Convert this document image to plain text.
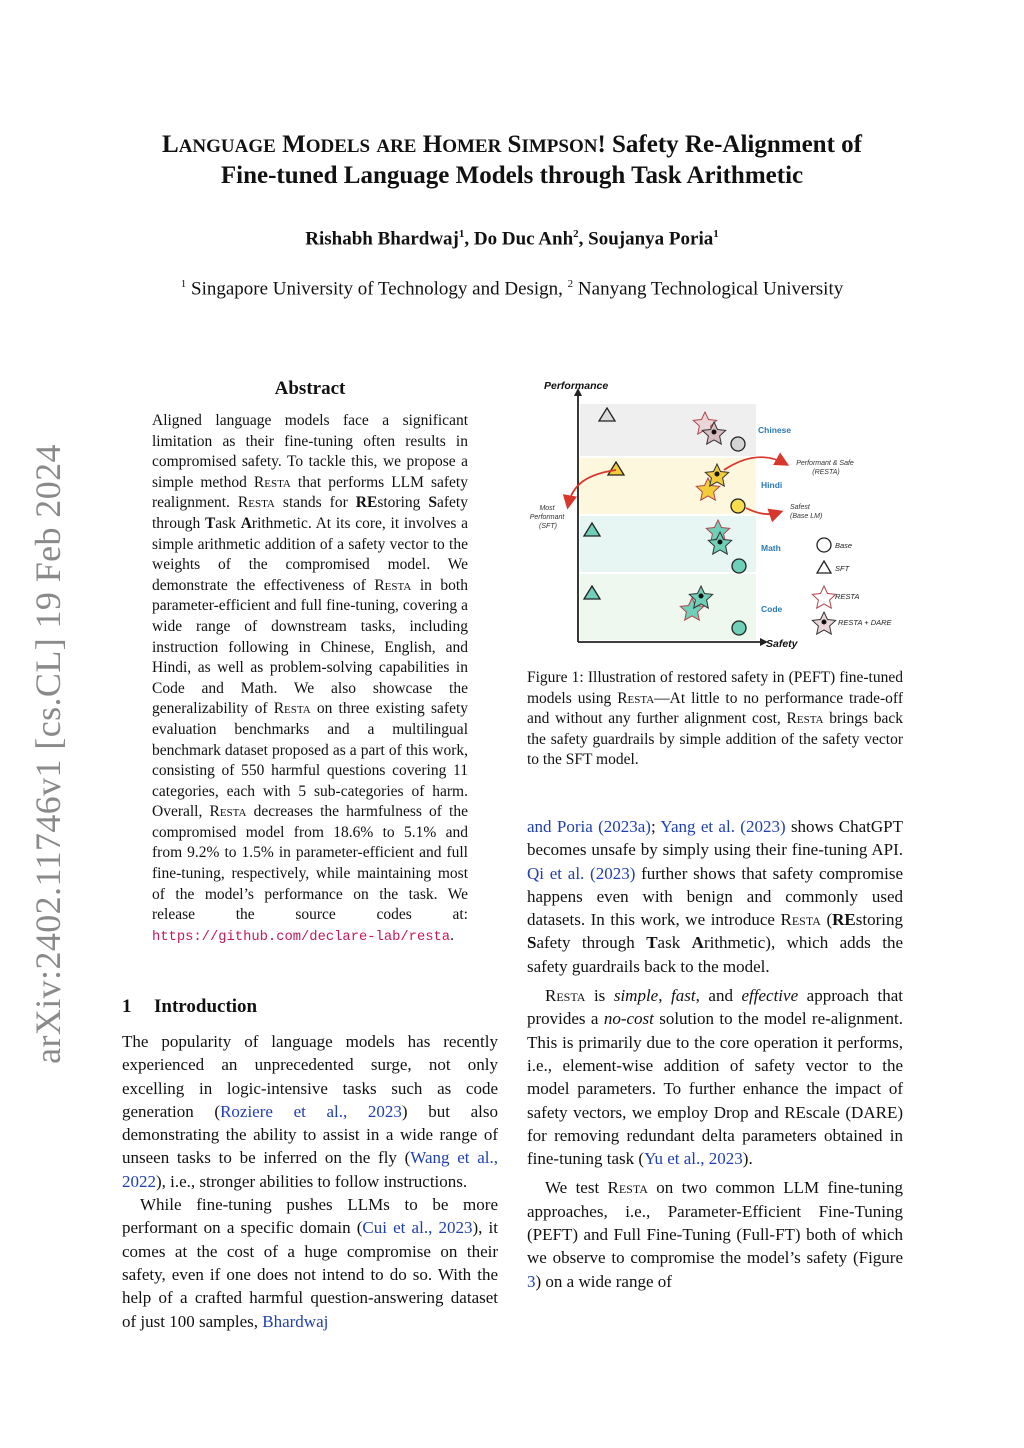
arXiv:2402.11746v1 [cs.CL] 19 Feb 2024
LANGUAGE MODELS ARE HOMER SIMPSON! Safety Re-Alignment of
Fine-tuned Language Models through Task Arithmetic
Rishabh Bhardwaj$^1$, Do Duc Anh$^2$, Soujanya Poria$^1$
$^1$ Singapore University of Technology and Design, $^2$ Nanyang Technological University
Abstract
Aligned language models face a significant limitation as their fine-tuning often results in compromised safety. To tackle this, we propose a simple method Resta that performs LLM safety realignment. Resta stands for REstoring Safety through Task Arithmetic. At its core, it involves a simple arithmetic addition of a safety vector to the weights of the compromised model. We demonstrate the effectiveness of Resta in both parameter-efficient and full fine-tuning, covering a wide range of downstream tasks, including instruction following in Chinese, English, and Hindi, as well as problem-solving capabilities in Code and Math. We also showcase the generalizability of Resta on three existing safety evaluation benchmarks and a multilingual benchmark dataset proposed as a part of this work, consisting of 550 harmful questions covering 11 categories, each with 5 sub-categories of harm. Overall, Resta decreases the harmfulness of the compromised model from 18.6% to 5.1% and from 9.2% to 1.5% in parameter-efficient and full fine-tuning, respectively, while maintaining most of the model’s performance on the task. We release the source codes at: https://github.com/declare-lab/resta.
1 Introduction

The popularity of language models has recently experienced an unprecedented surge, not only excelling in logic-intensive tasks such as code generation (Roziere et al., 2023) but also demonstrating the ability to assist in a wide range of unseen tasks to be inferred on the fly (Wang et al., 2022), i.e., stronger abilities to follow instructions.

While fine-tuning pushes LLMs to be more performant on a specific domain (Cui et al., 2023), it comes at the cost of a huge compromise on their safety, even if one does not intend to do so. With the help of a crafted harmful question-answering dataset of just 100 samples, Bhardwaj

Performance
Safety
Chinese
Hindi
Math
Code
Most Performant (SFT)
Performant & Safe (RESTA)
Safest (Base LM)
Base
SFT
RESTA
RESTA + DARE
Figure 1: Illustration of restored safety in (PEFT) fine-tuned models using Resta—At little to no performance trade-off and without any further alignment cost, Resta brings back the safety guardrails by simple addition of the safety vector to the SFT model.

and Poria (2023a); Yang et al. (2023) shows ChatGPT becomes unsafe by simply using their fine-tuning API. Qi et al. (2023) further shows that safety compromise happens even with benign and commonly used datasets. In this work, we introduce Resta (REstoring Safety through Task Arithmetic), which adds the safety guardrails back to the model.

Resta is simple, fast, and effective approach that provides a no-cost solution to the model re-alignment. This is primarily due to the core operation it performs, i.e., element-wise addition of safety vector to the model parameters. To further enhance the impact of safety vectors, we employ Drop and REscale (DARE) for removing redundant delta parameters obtained in fine-tuning task (Yu et al., 2023).

We test Resta on two common LLM fine-tuning approaches, i.e., Parameter-Efficient Fine-Tuning (PEFT) and Full Fine-Tuning (Full-FT) both of which we observe to compromise the model’s safety (Figure 3) on a wide range of
